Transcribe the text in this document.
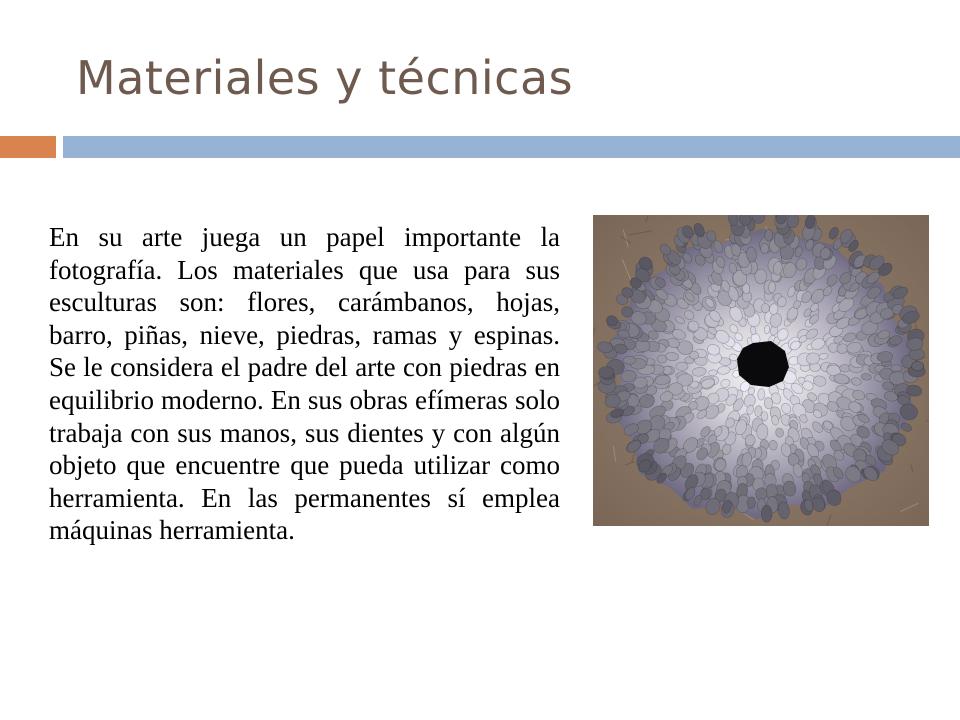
Materiales y técnicas

En su arte juega un papel importante la fotografía. Los materiales que usa para sus esculturas son: flores, carámbanos, hojas, barro, piñas, nieve, piedras, ramas y espinas. Se le considera el padre del arte con piedras en equilibrio moderno. En sus obras efímeras solo trabaja con sus manos, sus dientes y con algún objeto que encuentre que pueda utilizar como herramienta. En las permanentes sí emplea máquinas herramienta.
